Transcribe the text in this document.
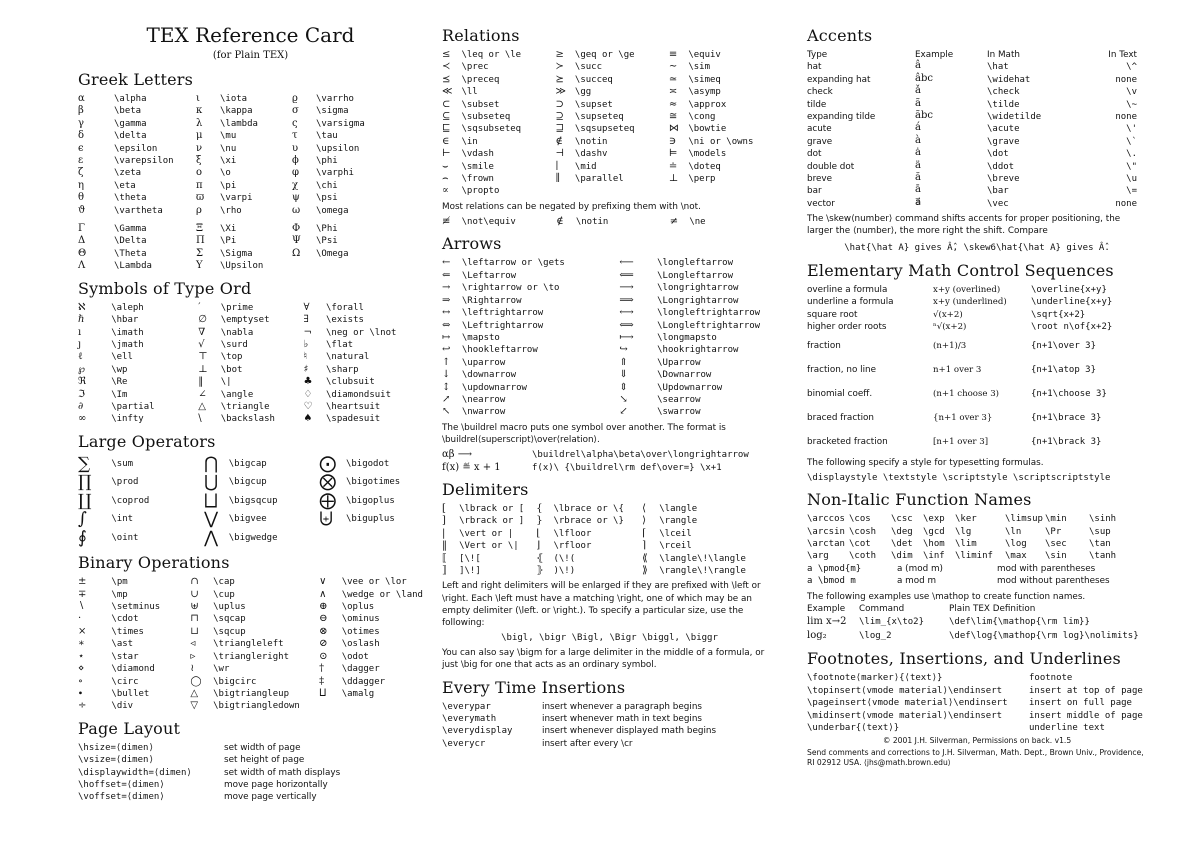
TEX Reference Card
(for Plain TEX)
Greek Letters
α	\alpha	ι	\iota	ϱ	\varrho
β	\beta	κ	\kappa	σ	\sigma
γ	\gamma	λ	\lambda	ς	\varsigma
δ	\delta	μ	\mu	τ	\tau
ϵ	\epsilon	ν	\nu	υ	\upsilon
ε	\varepsilon	ξ	\xi	ϕ	\phi
ζ	\zeta	o	\o	φ	\varphi
η	\eta	π	\pi	χ	\chi
θ	\theta	ϖ	\varpi	ψ	\psi
ϑ	\vartheta	ρ	\rho	ω	\omega
Γ	\Gamma	Ξ	\Xi	Φ	\Phi
Δ	\Delta	Π	\Pi	Ψ	\Psi
Θ	\Theta	Σ	\Sigma	Ω	\Omega
Λ	\Lambda	Υ	\Upsilon		
Symbols of Type Ord
ℵ	\aleph	′	\prime	∀	\forall
ℏ	\hbar	∅	\emptyset	∃	\exists
ı	\imath	∇	\nabla	¬	\neg or \lnot
ȷ	\jmath	√	\surd	♭	\flat
ℓ	\ell	⊤	\top	♮	\natural
℘	\wp	⊥	\bot	♯	\sharp
ℜ	\Re	‖	\|	♣	\clubsuit
ℑ	\Im	∠	\angle	♢	\diamondsuit
∂	\partial	△	\triangle	♡	\heartsuit
∞	\infty	\	\backslash	♠	\spadesuit
Large Operators
∑	\sum	⋂	\bigcap	⨀	\bigodot
∏	\prod	⋃	\bigcup	⨂	\bigotimes
∐	\coprod	⨆	\bigsqcup	⨁	\bigoplus
∫	\int	⋁	\bigvee	⨄	\biguplus
∮	\oint	⋀	\bigwedge		
Binary Operations
±	\pm	∩	\cap	∨	\vee or \lor
∓	\mp	∪	\cup	∧	\wedge or \land
∖	\setminus	⊎	\uplus	⊕	\oplus
·	\cdot	⊓	\sqcap	⊖	\ominus
×	\times	⊔	\sqcup	⊗	\otimes
∗	\ast	◃	\triangleleft	⊘	\oslash
⋆	\star	▹	\triangleright	⊙	\odot
⋄	\diamond	≀	\wr	†	\dagger
∘	\circ	◯	\bigcirc	‡	\ddagger
∙	\bullet	△	\bigtriangleup	⨿	\amalg
÷	\div	▽	\bigtriangledown		
Page Layout
\hsize=⟨dimen⟩	set width of page
\vsize=⟨dimen⟩	set height of page
\displaywidth=⟨dimen⟩	set width of math displays
\hoffset=⟨dimen⟩	move page horizontally
\voffset=⟨dimen⟩	move page vertically
Relations
≤	\leq or \le	≥	\geq or \ge	≡	\equiv
≺	\prec	≻	\succ	∼	\sim
⪯	\preceq	⪰	\succeq	≃	\simeq
≪	\ll	≫	\gg	≍	\asymp
⊂	\subset	⊃	\supset	≈	\approx
⊆	\subseteq	⊇	\supseteq	≅	\cong
⊑	\sqsubseteq	⊒	\sqsupseteq	⋈	\bowtie
∈	\in	∉	\notin	∋	\ni or \owns
⊢	\vdash	⊣	\dashv	⊨	\models
⌣	\smile	∣	\mid	≐	\doteq
⌢	\frown	∥	\parallel	⊥	\perp
∝	\propto				
Most relations can be negated by prefixing them with \not.
≢	\not\equiv	∉	\notin	≠	\ne
Arrows
←	\leftarrow or \gets	⟵	\longleftarrow
⇐	\Leftarrow	⟸	\Longleftarrow
→	\rightarrow or \to	⟶	\longrightarrow
⇒	\Rightarrow	⟹	\Longrightarrow
↔	\leftrightarrow	⟷	\longleftrightarrow
⇔	\Leftrightarrow	⟺	\Longleftrightarrow
↦	\mapsto	⟼	\longmapsto
↩	\hookleftarrow	↪	\hookrightarrow
↑	\uparrow	⇑	\Uparrow
↓	\downarrow	⇓	\Downarrow
↕	\updownarrow	⇕	\Updownarrow
↗	\nearrow	↘	\searrow
↖	\nwarrow	↙	\swarrow
The \buildrel macro puts one symbol over another. The format is \buildrel⟨superscript⟩\over⟨relation⟩.
αβ ⟶	\buildrel\alpha\beta\over\longrightarrow
f(x) ≝ x + 1	f(x)\ {\buildrel\rm def\over=} \x+1
Delimiters
[	\lbrack or [	{	\lbrace or \{	⟨	\langle
]	\rbrack or ]	}	\rbrace or \}	⟩	\rangle
|	\vert or |	⌊	\lfloor	⌈	\lceil
‖	\Vert or \|	⌋	\rfloor	⌉	\rceil
⟦	[\![	⦃	(\!(	⟪	\langle\!\langle
⟧	]\!]	⦄	)\!)	⟫	\rangle\!\rangle
Left and right delimiters will be enlarged if they are prefixed with \left or \right. Each \left must have a matching \right, one of which may be an empty delimiter (\left. or \right.). To specify a particular size, use the following:
\bigl, \bigr \Bigl, \Bigr \biggl, \biggr
You can also say \bigm for a large delimiter in the middle of a formula, or just \big for one that acts as an ordinary symbol.
Every Time Insertions
\everypar	insert whenever a paragraph begins
\everymath	insert whenever math in text begins
\everydisplay	insert whenever displayed math begins
\everycr	insert after every \cr
Accents
Type	Example	In Math	In Text
hat	â	\hat	\^
expanding hat	âbc	\widehat	none
check	ǎ	\check	\v
tilde	ã	\tilde	\~
expanding tilde	ãbc	\widetilde	none
acute	á	\acute	\'
grave	à	\grave	\`
dot	ȧ	\dot	\.
double dot	ä	\ddot	\"
breve	ă	\breve	\u
bar	ā	\bar	\=
vector	a⃗	\vec	none
The \skew⟨number⟩ command shifts accents for proper positioning, the larger the ⟨number⟩, the more right the shift. Compare
\hat{\hat A} gives Â̂, \skew6\hat{\hat A} gives Â̂.
Elementary Math Control Sequences
overline a formula	x+y (overlined)	\overline{x+y}
underline a formula	x+y (underlined)	\underline{x+y}
square root	√(x+2)	\sqrt{x+2}
higher order roots	ⁿ√(x+2)	\root n\of{x+2}
fraction	(n+1)/3	{n+1\over 3}
fraction, no line	n+1 over 3	{n+1\atop 3}
binomial coeff.	(n+1 choose 3)	{n+1\choose 3}
braced fraction	{n+1 over 3}	{n+1\brace 3}
bracketed fraction	[n+1 over 3]	{n+1\brack 3}
The following specify a style for typesetting formulas.
\displaystyle \textstyle \scriptstyle \scriptscriptstyle
Non-Italic Function Names
\arccos	\cos	\csc	\exp	\ker	\limsup	\min	\sinh
\arcsin	\cosh	\deg	\gcd	\lg	\ln	\Pr	\sup
\arctan	\cot	\det	\hom	\lim	\log	\sec	\tan
\arg	\coth	\dim	\inf	\liminf	\max	\sin	\tanh
a \pmod{m}	a (mod m)	mod with parentheses
a \bmod m	a mod m	mod without parentheses
The following examples use \mathop to create function names.
Example	Command	Plain TEX Definition
lim x→2	\lim_{x\to2}	\def\lim{\mathop{\rm lim}}
log₂	\log_2	\def\log{\mathop{\rm log}\nolimits}
Footnotes, Insertions, and Underlines
\footnote⟨marker⟩{⟨text⟩}	footnote
\topinsert⟨vmode material⟩\endinsert	insert at top of page
\pageinsert⟨vmode material⟩\endinsert	insert on full page
\midinsert⟨vmode material⟩\endinsert	insert middle of page
\underbar{⟨text⟩}	underline text
© 2001 J.H. Silverman, Permissions on back. v1.5
Send comments and corrections to J.H. Silverman, Math. Dept., Brown Univ., Providence, RI 02912 USA. ⟨jhs@math.brown.edu⟩
